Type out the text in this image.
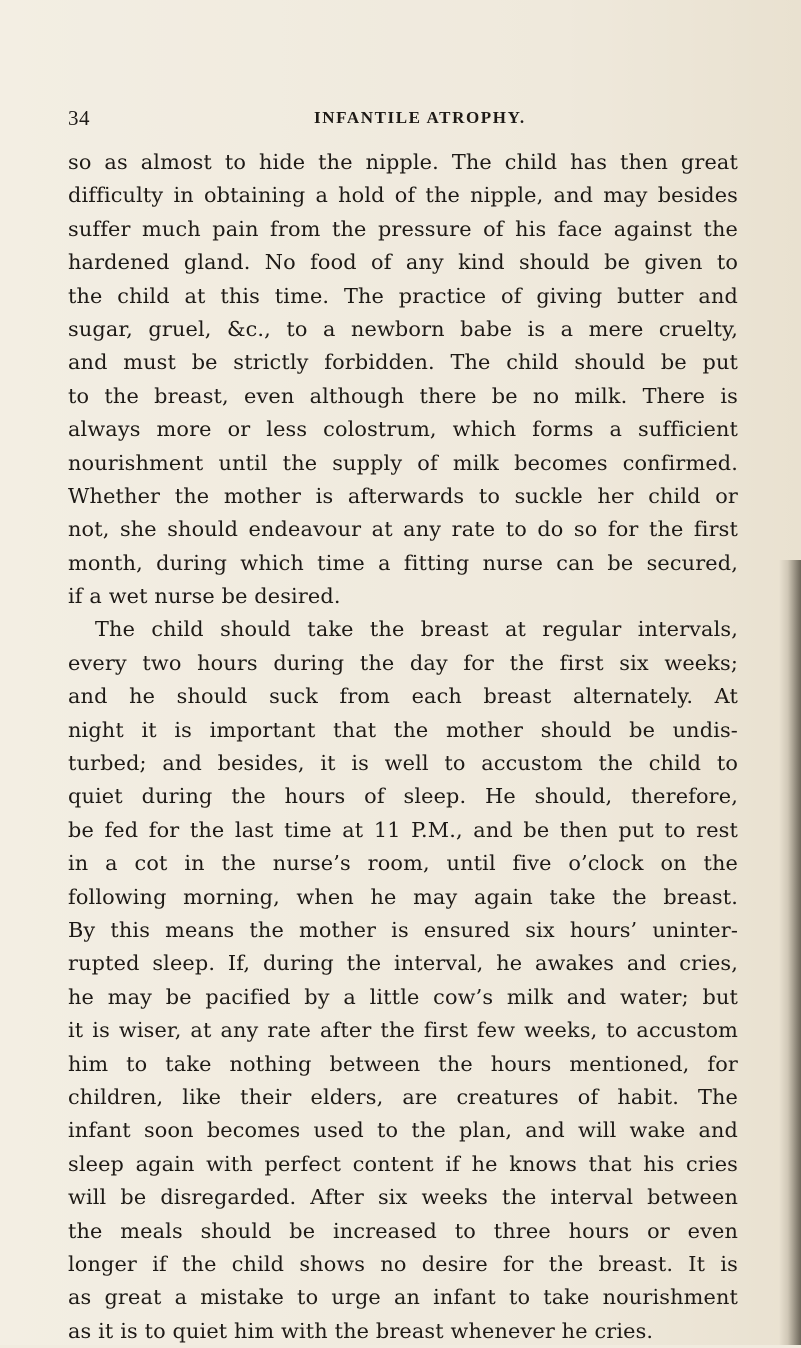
34	INFANTILE ATROPHY.
so as almost to hide the nipple. The child has then great
difficulty in obtaining a hold of the nipple, and may besides
suffer much pain from the pressure of his face against the
hardened gland. No food of any kind should be given to
the child at this time. The practice of giving butter and
sugar, gruel, &c., to a newborn babe is a mere cruelty,
and must be strictly forbidden. The child should be put
to the breast, even although there be no milk. There is
always more or less colostrum, which forms a sufficient
nourishment until the supply of milk becomes confirmed.
Whether the mother is afterwards to suckle her child or
not, she should endeavour at any rate to do so for the first
month, during which time a fitting nurse can be secured,
if a wet nurse be desired.
The child should take the breast at regular intervals,
every two hours during the day for the first six weeks;
and he should suck from each breast alternately. At
night it is important that the mother should be undis-
turbed; and besides, it is well to accustom the child to
quiet during the hours of sleep. He should, therefore,
be fed for the last time at 11 P.M., and be then put to rest
in a cot in the nurse’s room, until five o’clock on the
following morning, when he may again take the breast.
By this means the mother is ensured six hours’ uninter-
rupted sleep. If, during the interval, he awakes and cries,
he may be pacified by a little cow’s milk and water; but
it is wiser, at any rate after the first few weeks, to accustom
him to take nothing between the hours mentioned, for
children, like their elders, are creatures of habit. The
infant soon becomes used to the plan, and will wake and
sleep again with perfect content if he knows that his cries
will be disregarded. After six weeks the interval between
the meals should be increased to three hours or even
longer if the child shows no desire for the breast. It is
as great a mistake to urge an infant to take nourishment
as it is to quiet him with the breast whenever he cries.
